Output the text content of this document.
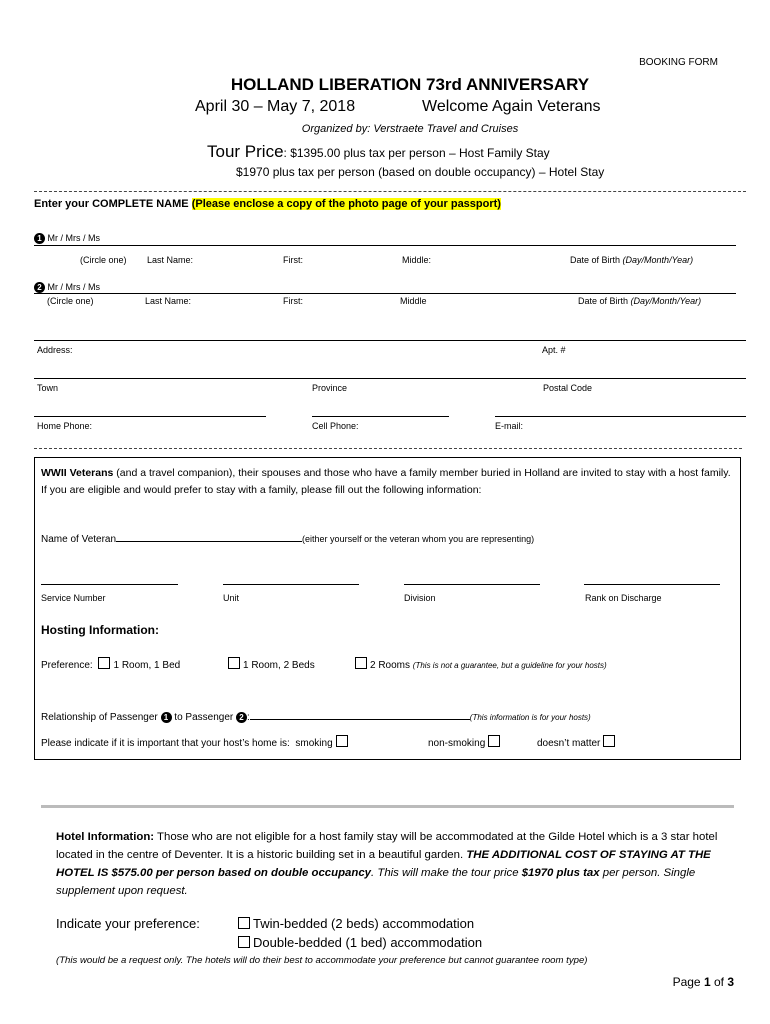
BOOKING FORM
HOLLAND LIBERATION 73rd ANNIVERSARY
April 30 – May 7, 2018	Welcome Again Veterans
Organized by: Verstraete Travel and Cruises
Tour Price: $1395.00 plus tax per person – Host Family Stay
$1970 plus tax per person (based on double occupancy) – Hotel Stay
Enter your COMPLETE NAME (Please enclose a copy of the photo page of your passport)
1 Mr / Mrs / Ms
(Circle one) Last Name:	First:	Middle:	Date of Birth (Day/Month/Year)
2 Mr / Mrs / Ms
(Circle one)	Last Name:	First:	Middle	Date of Birth (Day/Month/Year)
Address:	Apt. #
Town	Province	Postal Code
Home Phone:	Cell Phone:	E-mail:
WWII Veterans (and a travel companion), their spouses and those who have a family member buried in Holland are invited to stay with a host family. If you are eligible and would prefer to stay with a family, please fill out the following information:
Name of Veteran	(either yourself or the veteran whom you are representing)
Service Number	Unit	Division	Rank on Discharge
Hosting Information:
Preference: 1 Room, 1 Bed	1 Room, 2 Beds	2 Rooms (This is not a guarantee, but a guideline for your hosts)
Relationship of Passenger 1 to Passenger 2 :	(This information is for your hosts)
Please indicate if it is important that your host’s home is: smoking	non-smoking	doesn’t matter
Hotel Information: Those who are not eligible for a host family stay will be accommodated at the Gilde Hotel which is a 3 star hotel located in the centre of Deventer. It is a historic building set in a beautiful garden. THE ADDITIONAL COST OF STAYING AT THE HOTEL IS $575.00 per person based on double occupancy. This will make the tour price $1970 plus tax per person. Single supplement upon request.
Indicate your preference:	Twin-bedded (2 beds) accommodation
Double-bedded (1 bed) accommodation
(This would be a request only. The hotels will do their best to accommodate your preference but cannot guarantee room type)
Page 1 of 3
